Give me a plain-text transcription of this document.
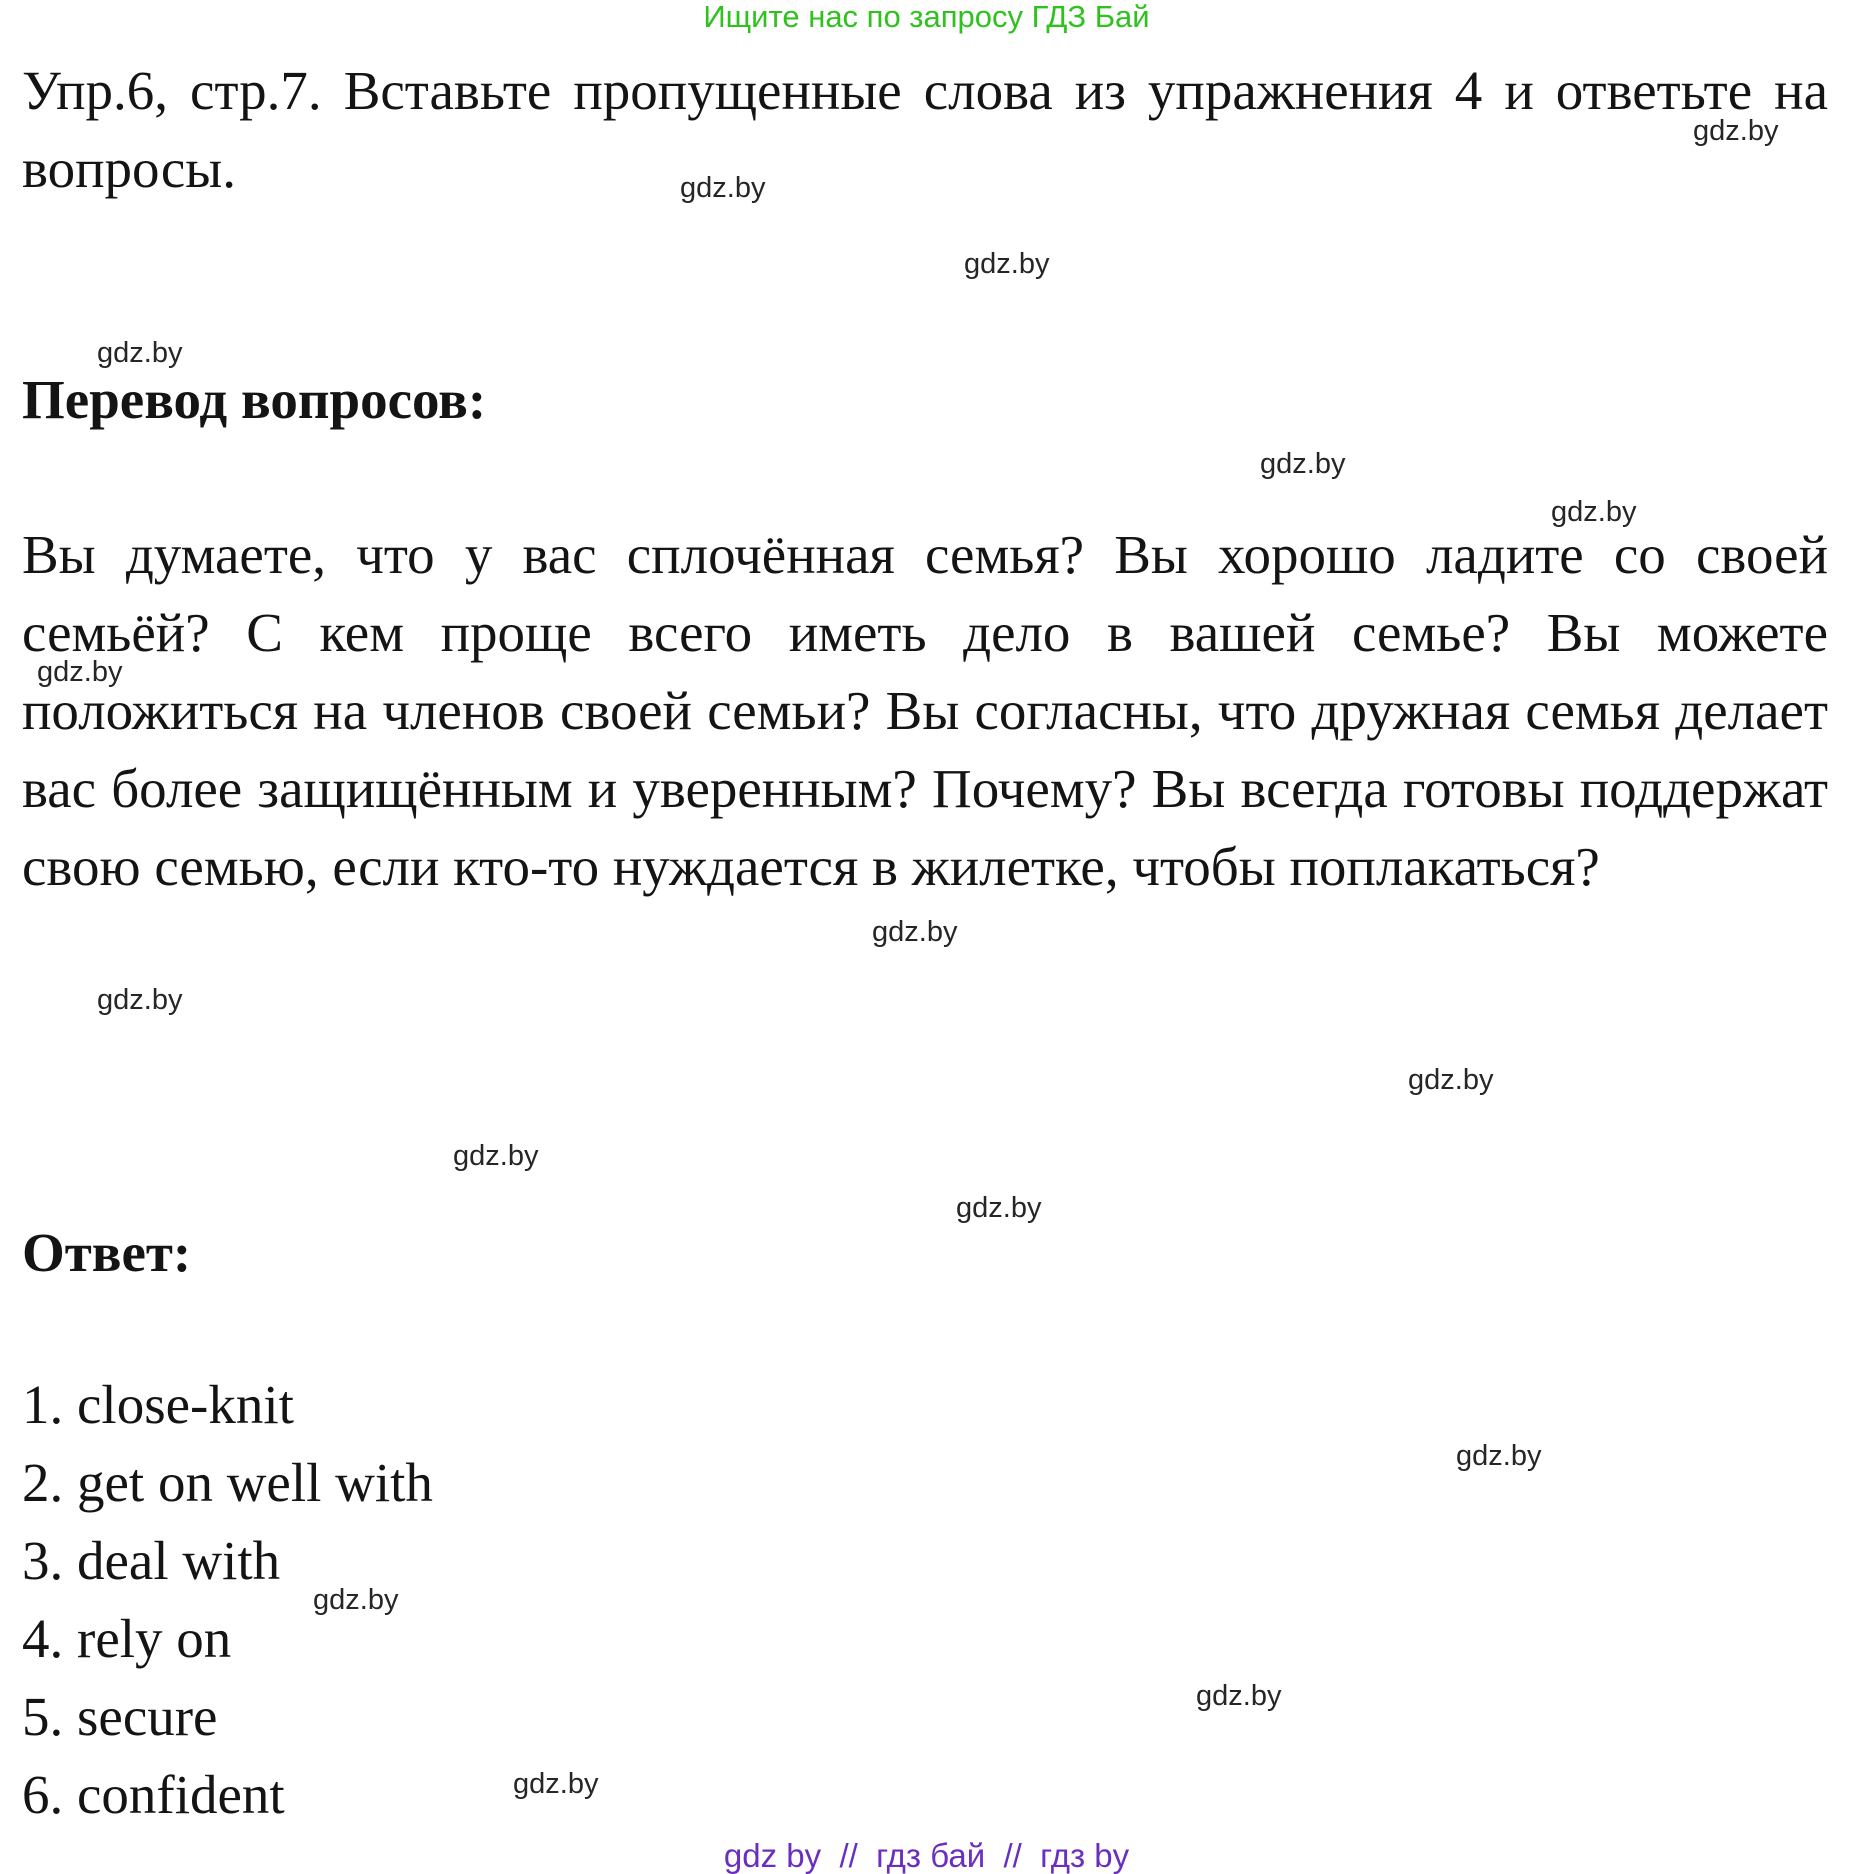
Ищите нас по запросу ГДЗ Бай
Упр.6, стр.7. Вставьте пропущенные слова из упражнения 4 и ответьте на вопросы.
Перевод вопросов:
Вы думаете, что у вас сплочённая семья? Вы хорошо ладите со своей семьёй? С кем проще всего иметь дело в вашей семье? Вы можете положиться на членов своей семьи? Вы согласны, что дружная семья делает вас более защищённым и уверенным? Почему? Вы всегда готовы поддержат свою семью, если кто-то нуждается в жилетке, чтобы поплакаться?
Ответ:
1. close-knit
2. get on well with
3. deal with
4. rely on
5. secure
6. confident
gdz.by
gdz.by
gdz.by
gdz.by
gdz.by
gdz.by
gdz.by
gdz.by
gdz.by
gdz.by
gdz.by
gdz.by
gdz.by
gdz.by
gdz.by
gdz.by
gdz by  //  гдз бай  //  гдз by
